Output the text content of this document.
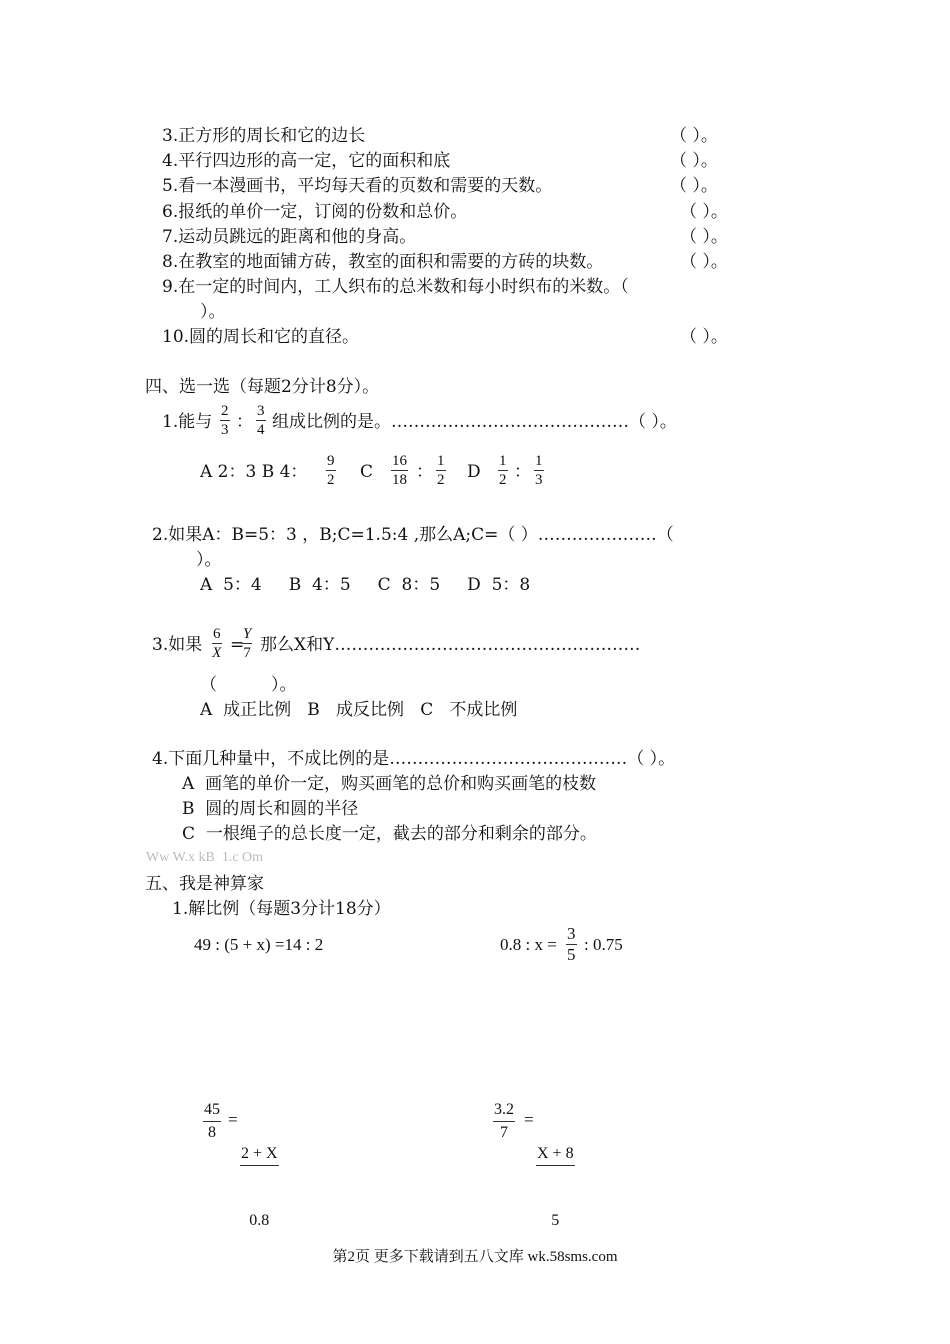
3.正方形的周长和它的边长	（ ）。
4.平行四边形的高一定，它的面积和底	（ ）。
5.看一本漫画书，平均每天看的页数和需要的天数。	（ ）。
6.报纸的单价一定，订阅的份数和总价。	（ ）。
7.运动员跳远的距离和他的身高。	（ ）。
8.在教室的地面铺方砖，教室的面积和需要的方砖的块数。	（ ）。
9.在一定的时间内，工人织布的总米数和每小时织布的米数。（
）。
10.圆的周长和它的直径。	（ ）。
四、选一选（每题2分计8分）。
1.能与 $\frac{2}{3}$ ： $\frac{3}{4}$ 组成比例的是。……………………………………（ ）。
A 2：3 B 4： $\frac{9}{2}$ C $\frac{16}{18}$ ： $\frac{1}{2}$ D $\frac{1}{2}$ ： $\frac{1}{3}$
2.如果A：B=5：3 ，B;C=1.5:4 ,那么A;C=（ ）…………………（
）。
A  5：4     B  4：5     C  8：5     D  5：8
3.如果 $\frac{6}{X}$ =
$\frac{Y}{7}$ 那么X和Y………………………………………………
（          ）。
A  成正比例   B   成反比例   C   不成比例
4.下面几种量中，不成比例的是……………………………………（ ）。
A  画笔的单价一定，购买画笔的总价和购买画笔的枝数
B  圆的周长和圆的半径
C  一根绳子的总长度一定，截去的部分和剩余的部分。
Ww W.x kB  1.c Om
五、我是神算家
1.解比例（每题3分计18分）
49 : (5 + x) =14 : 2	0.8 : $x = \frac{3}{5}$ : 0.75
$\frac{45}{8}$ =

$\frac{2 + X}{0.8}$	$\frac{3.2}{7}$ =

$\frac{X + 8}{5}$

第2页 更多下载请到五八文库 wk.58sms.com
